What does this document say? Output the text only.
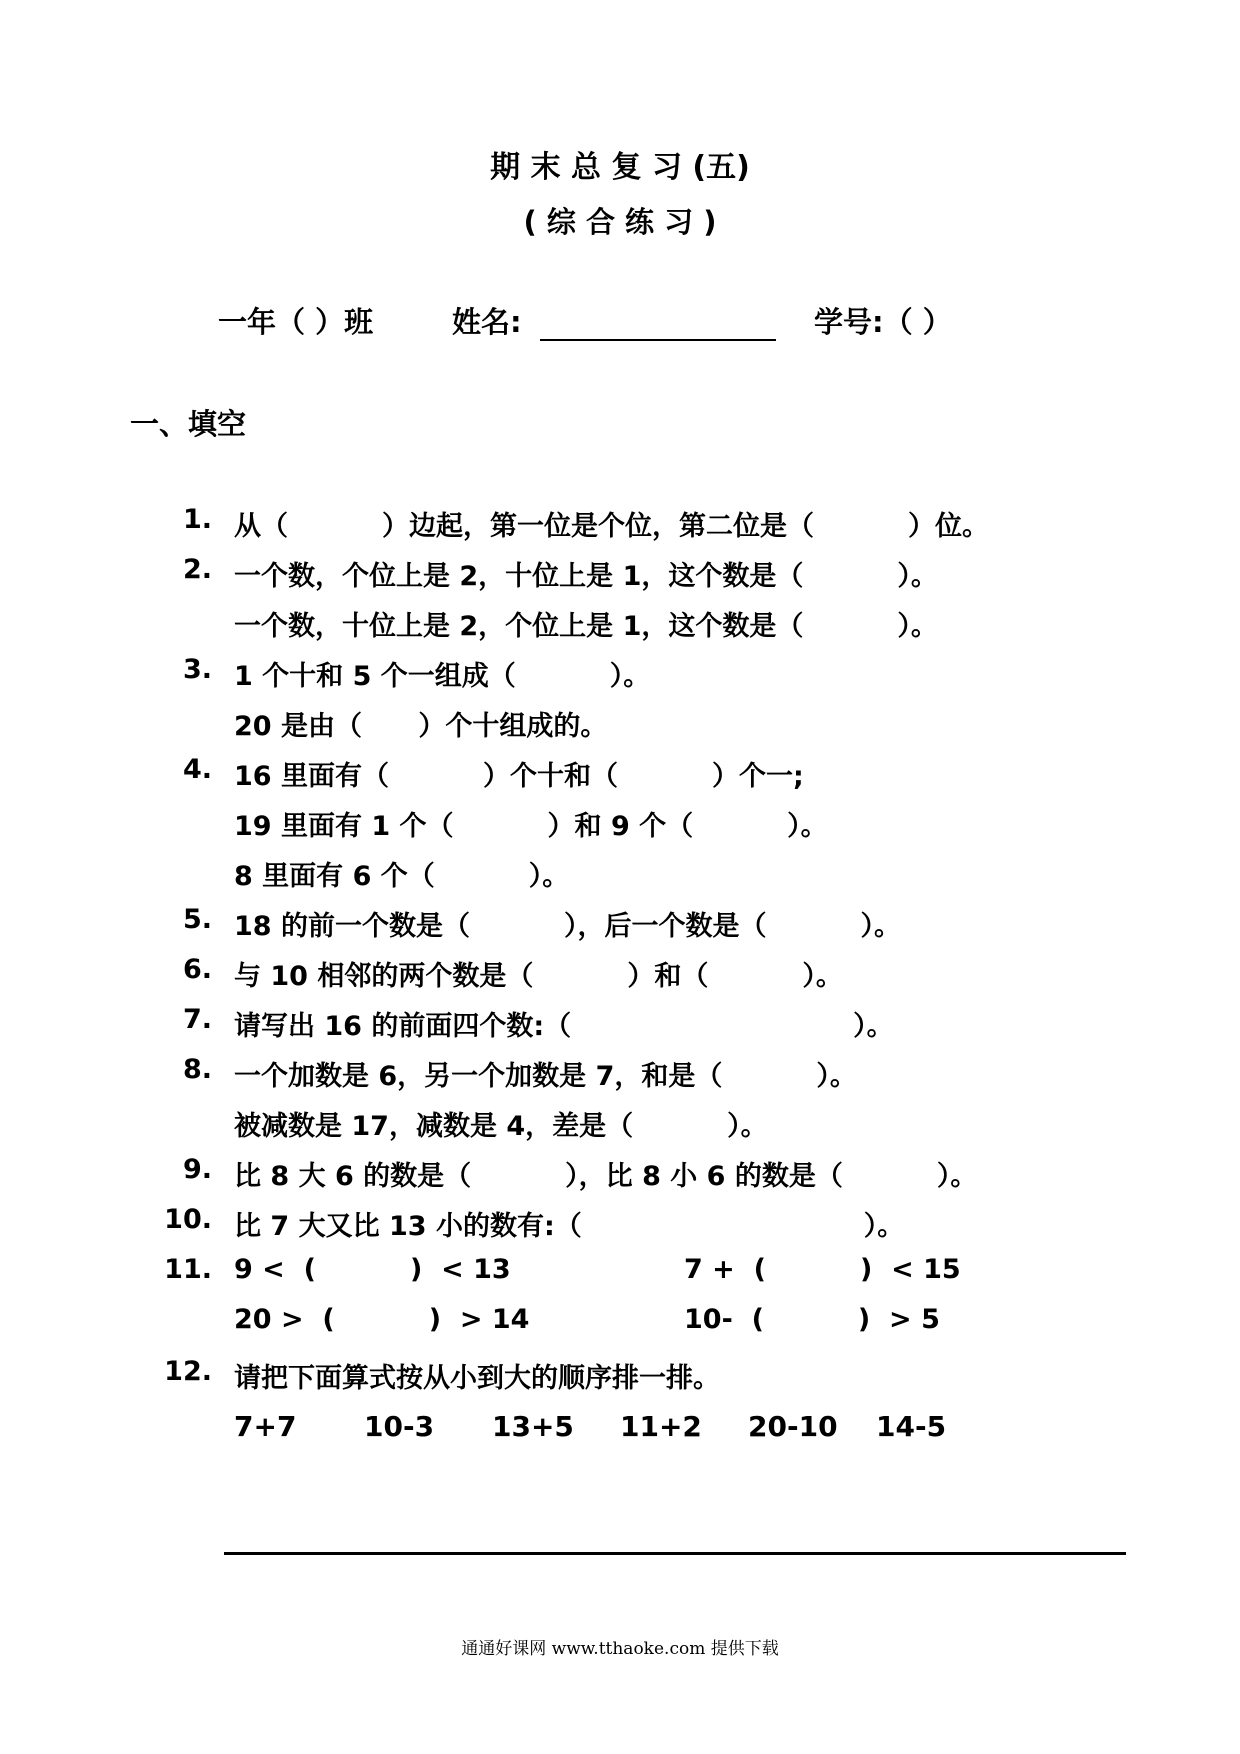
期 末 总 复 习 (五)
( 综 合 练 习 )
一年（ ）班	姓名:	学号:（ ）
一、填空
1. 从（          ）边起，第一位是个位，第二位是（          ）位。
2. 一个数，个位上是 2，十位上是 1，这个数是（          ）。
一个数，十位上是 2，个位上是 1，这个数是（          ）。
3. 1 个十和 5 个一组成（          ）。
20 是由（      ）个十组成的。
4. 16 里面有（          ）个十和（          ）个一;
19 里面有 1 个（          ）和 9 个（          ）。
8 里面有 6 个（          ）。
5. 18 的前一个数是（          ），后一个数是（          ）。
6. 与 10 相邻的两个数是（          ）和（          ）。
7. 请写出 16 的前面四个数:（                              ）。
8. 一个加数是 6，另一个加数是 7，和是（          ）。
被减数是 17，减数是 4，差是（          ）。
9. 比 8 大 6 的数是（          ），比 8 小 6 的数是（          ）。
10. 比 7 大又比 13 小的数有:（                              ）。
11. 9 <  (          )  < 13	7 +  (          )  < 15
20 >  (          )  > 14	10-  (          )  > 5
12. 请把下面算式按从小到大的顺序排一排。
7+7 10-3 13+5 11+2 20-10 14-5
通通好课网 www.tthaoke.com 提供下载
